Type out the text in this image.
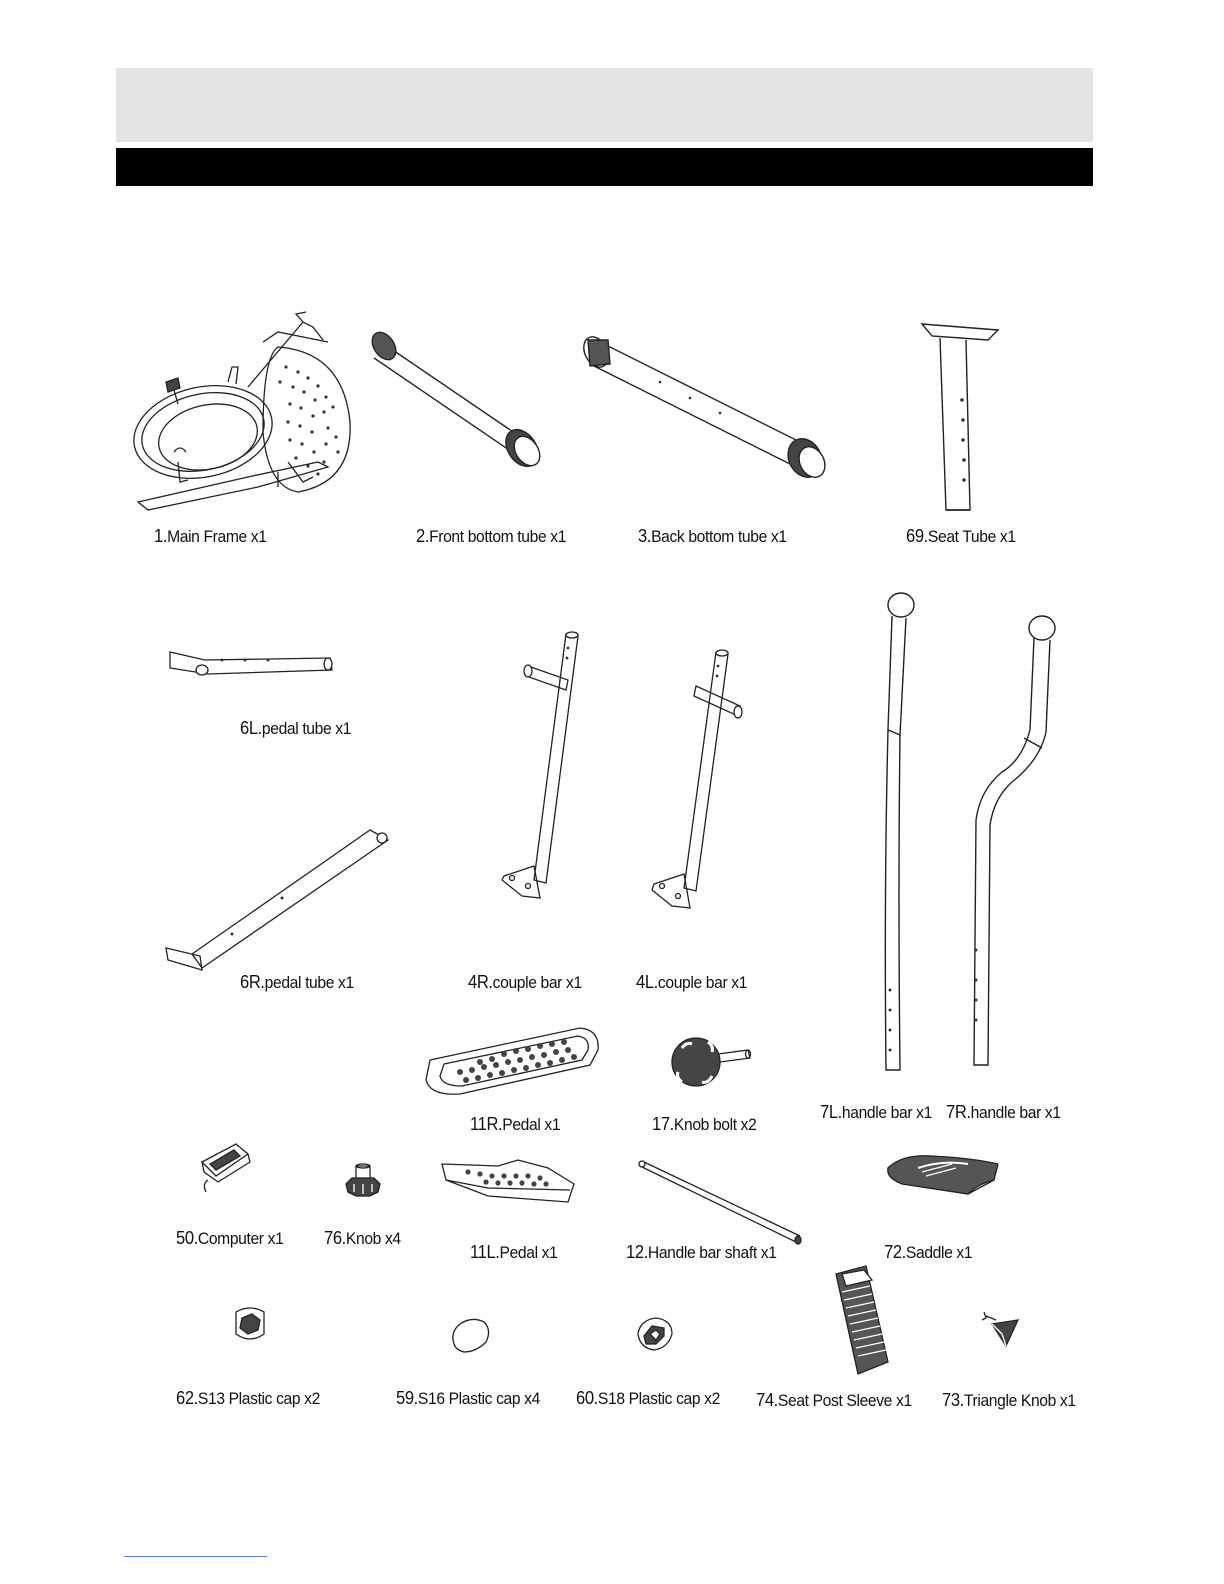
1.Main Frame x1	2.Front bottom tube x1	3.Back bottom tube x1	69.Seat Tube x1
6L.pedal tube x1
6R.pedal tube x1	4R.couple bar x1	4L.couple bar x1
7L.handle bar x1 7R.handle bar x1
11R.Pedal x1	17.Knob bolt x2
50.Computer x1 76.Knob x4
11L.Pedal x1	12.Handle bar shaft x1	72.Saddle x1
62.S13 Plastic cap x2	59.S16 Plastic cap x4 60.S18 Plastic cap x2 74.Seat Post Sleeve x1 73.Triangle Knob x1
